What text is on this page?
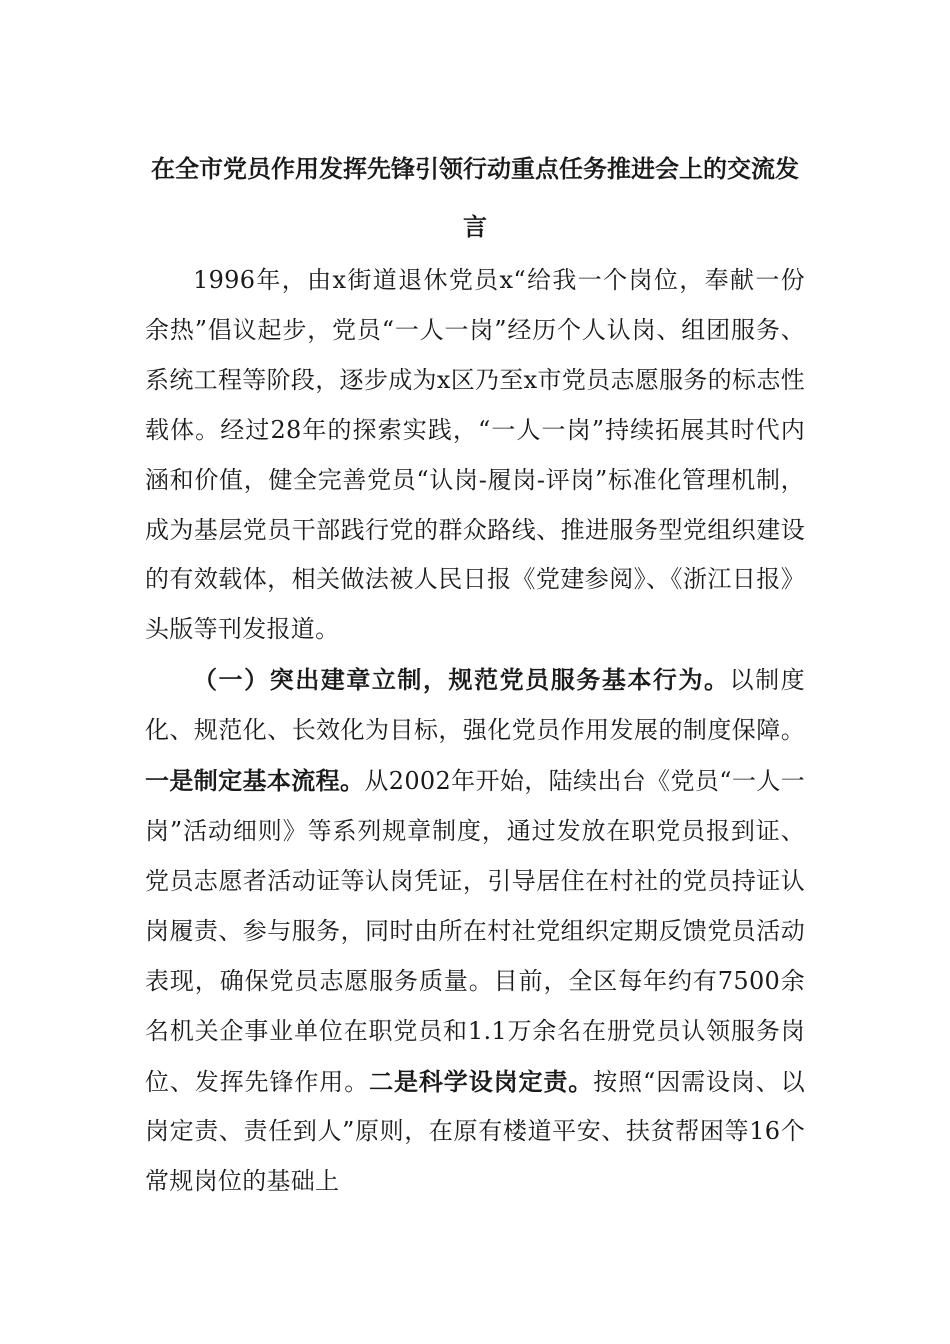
在全市党员作用发挥先锋引领行动重点任务推进会上的交流发言

1996年，由x街道退休党员x“给我一个岗位，奉献一份余热”倡议起步，党员“一人一岗”经历个人认岗、组团服务、系统工程等阶段，逐步成为x区乃至x市党员志愿服务的标志性载体。经过28年的探索实践，“一人一岗”持续拓展其时代内涵和价值，健全完善党员“认岗-履岗-评岗”标准化管理机制，成为基层党员干部践行党的群众路线、推进服务型党组织建设的有效载体，相关做法被人民日报《党建参阅》、《浙江日报》头版等刊发报道。

（一）突出建章立制，规范党员服务基本行为。以制度化、规范化、长效化为目标，强化党员作用发展的制度保障。一是制定基本流程。从2002年开始，陆续出台《党员“一人一岗”活动细则》等系列规章制度，通过发放在职党员报到证、党员志愿者活动证等认岗凭证，引导居住在村社的党员持证认岗履责、参与服务，同时由所在村社党组织定期反馈党员活动表现，确保党员志愿服务质量。目前，全区每年约有7500余名机关企事业单位在职党员和1.1万余名在册党员认领服务岗位、发挥先锋作用。二是科学设岗定责。按照“因需设岗、以岗定责、责任到人”原则，在原有楼道平安、扶贫帮困等16个常规岗位的基础上
